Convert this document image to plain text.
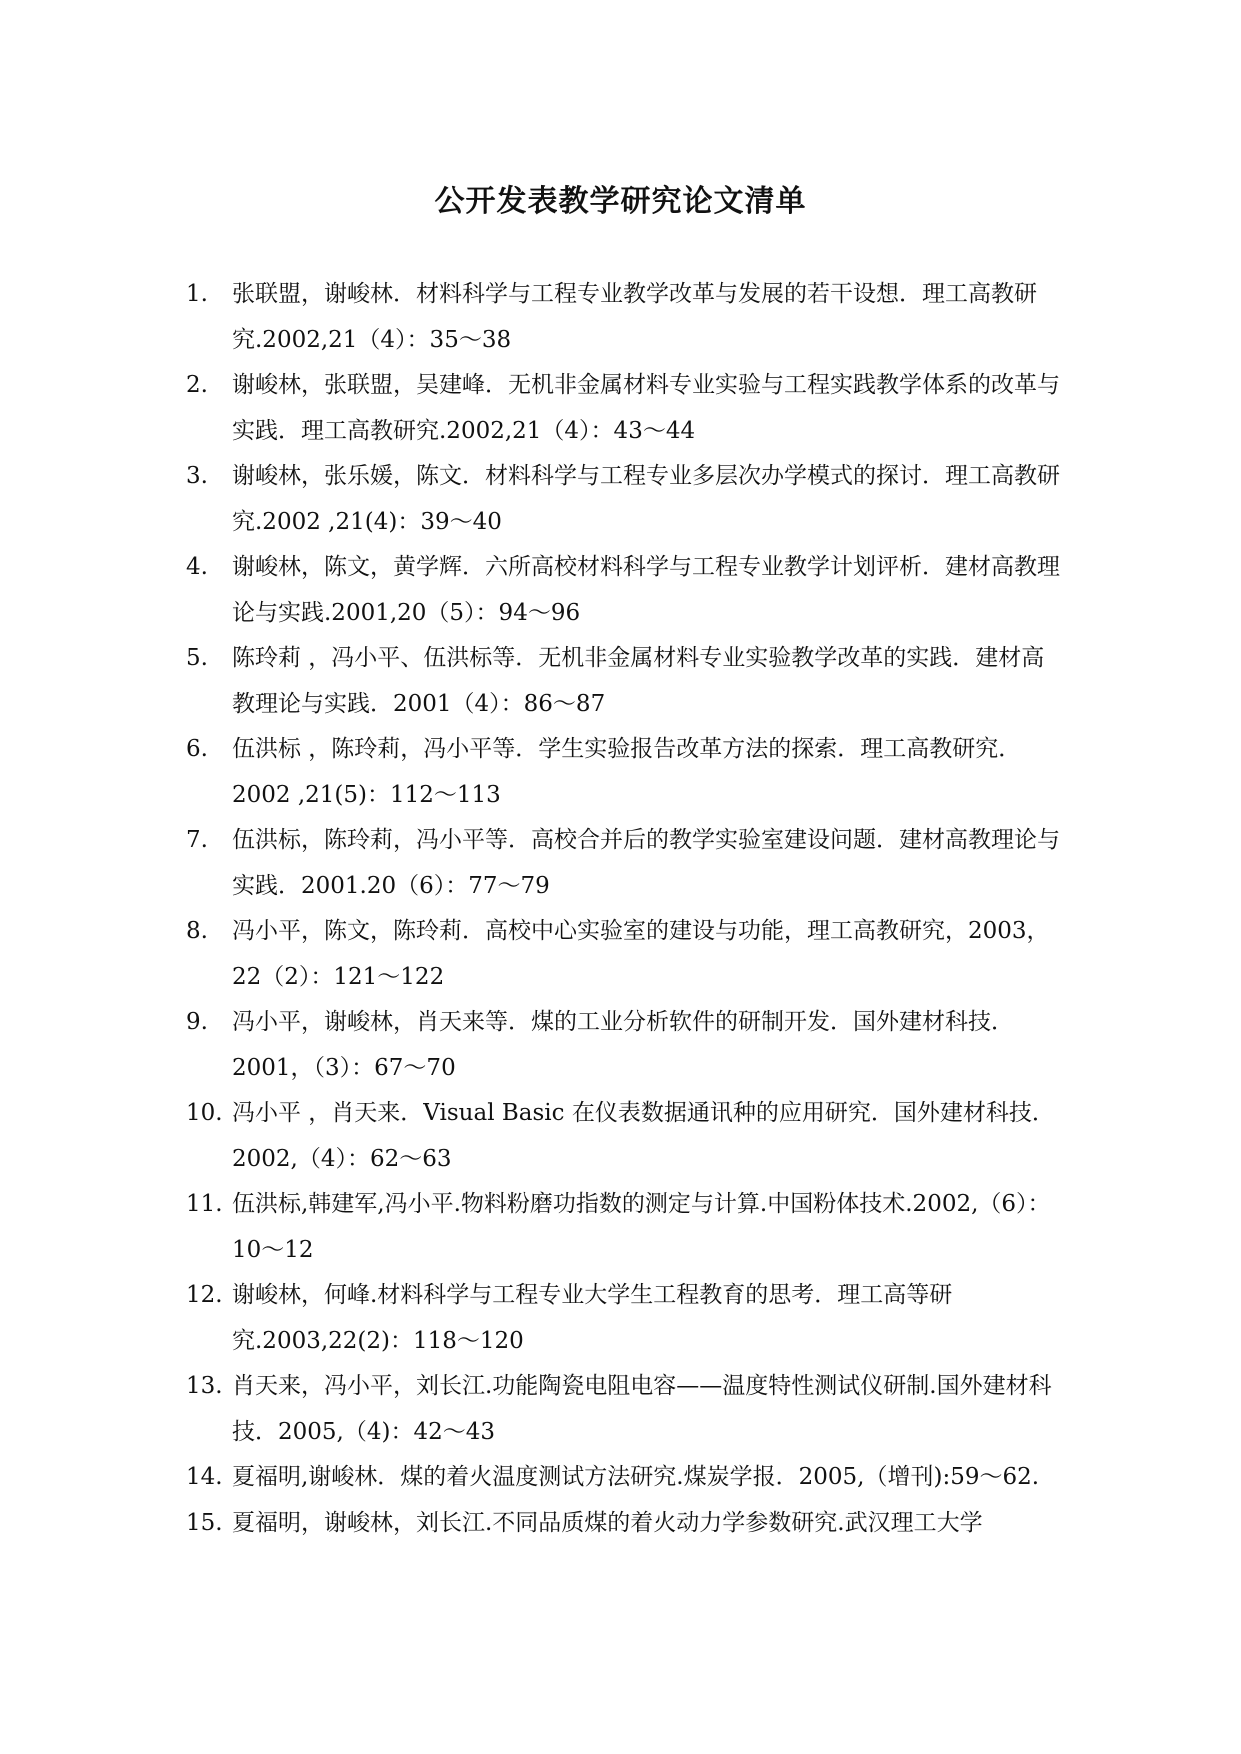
公开发表教学研究论文清单
1.	张联盟，谢峻林．材料科学与工程专业教学改革与发展的若干设想．理工高教研究.2002,21（4）：35～38
2.	谢峻林，张联盟，吴建峰．无机非金属材料专业实验与工程实践教学体系的改革与实践．理工高教研究.2002,21（4）：43～44
3.	谢峻林，张乐媛，陈文．材料科学与工程专业多层次办学模式的探讨．理工高教研究.2002 ,21(4)：39～40
4.	谢峻林，陈文，黄学辉．六所高校材料科学与工程专业教学计划评析．建材高教理论与实践.2001,20（5）：94～96
5.	陈玲莉 ，冯小平、伍洪标等．无机非金属材料专业实验教学改革的实践．建材高教理论与实践．2001（4）：86～87
6.	伍洪标 ，陈玲莉，冯小平等．学生实验报告改革方法的探索．理工高教研究．2002 ,21(5)：112～113
7.	伍洪标，陈玲莉，冯小平等．高校合并后的教学实验室建设问题．建材高教理论与实践．2001.20（6）：77～79
8.	冯小平，陈文，陈玲莉．高校中心实验室的建设与功能，理工高教研究，2003，22（2）：121～122
9.	冯小平，谢峻林，肖天来等．煤的工业分析软件的研制开发．国外建材科技．2001，（3）：67～70
10. 冯小平 ，肖天来．Visual Basic 在仪表数据通讯种的应用研究．国外建材科技．2002,（4）：62～63
11. 伍洪标,韩建军,冯小平.物料粉磨功指数的测定与计算.中国粉体技术.2002,（6）：10～12
12. 谢峻林，何峰.材料科学与工程专业大学生工程教育的思考．理工高等研究.2003,22(2)：118～120
13. 肖天来，冯小平，刘长江.功能陶瓷电阻电容——温度特性测试仪研制.国外建材科技．2005,（4)：42～43
14. 夏福明,谢峻林．煤的着火温度测试方法研究.煤炭学报．2005,（增刊):59～62.
15. 夏福明，谢峻林，刘长江.不同品质煤的着火动力学参数研究.武汉理工大学
